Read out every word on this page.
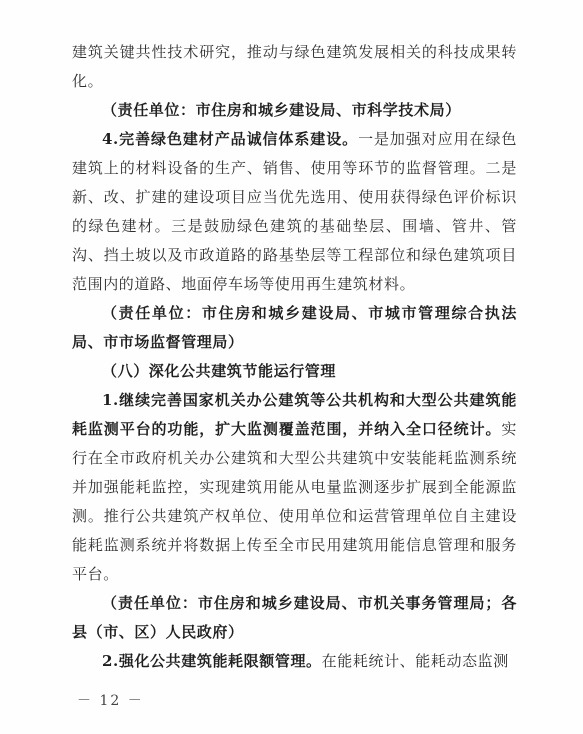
建筑关键共性技术研究，推动与绿色建筑发展相关的科技成果转化。

（责任单位：市住房和城乡建设局、市科学技术局）

4.完善绿色建材产品诚信体系建设。一是加强对应用在绿色建筑上的材料设备的生产、销售、使用等环节的监督管理。二是新、改、扩建的建设项目应当优先选用、使用获得绿色评价标识的绿色建材。三是鼓励绿色建筑的基础垫层、围墙、管井、管沟、挡土坡以及市政道路的路基垫层等工程部位和绿色建筑项目范围内的道路、地面停车场等使用再生建筑材料。

（责任单位：市住房和城乡建设局、市城市管理综合执法局、市市场监督管理局）

（八）深化公共建筑节能运行管理

1.继续完善国家机关办公建筑等公共机构和大型公共建筑能耗监测平台的功能，扩大监测覆盖范围，并纳入全口径统计。实行在全市政府机关办公建筑和大型公共建筑中安装能耗监测系统并加强能耗监控，实现建筑用能从电量监测逐步扩展到全能源监测。推行公共建筑产权单位、使用单位和运营管理单位自主建设能耗监测系统并将数据上传至全市民用建筑用能信息管理和服务平台。

（责任单位：市住房和城乡建设局、市机关事务管理局；各县（市、区）人民政府）

2.强化公共建筑能耗限额管理。在能耗统计、能耗动态监测

－ 12 －
